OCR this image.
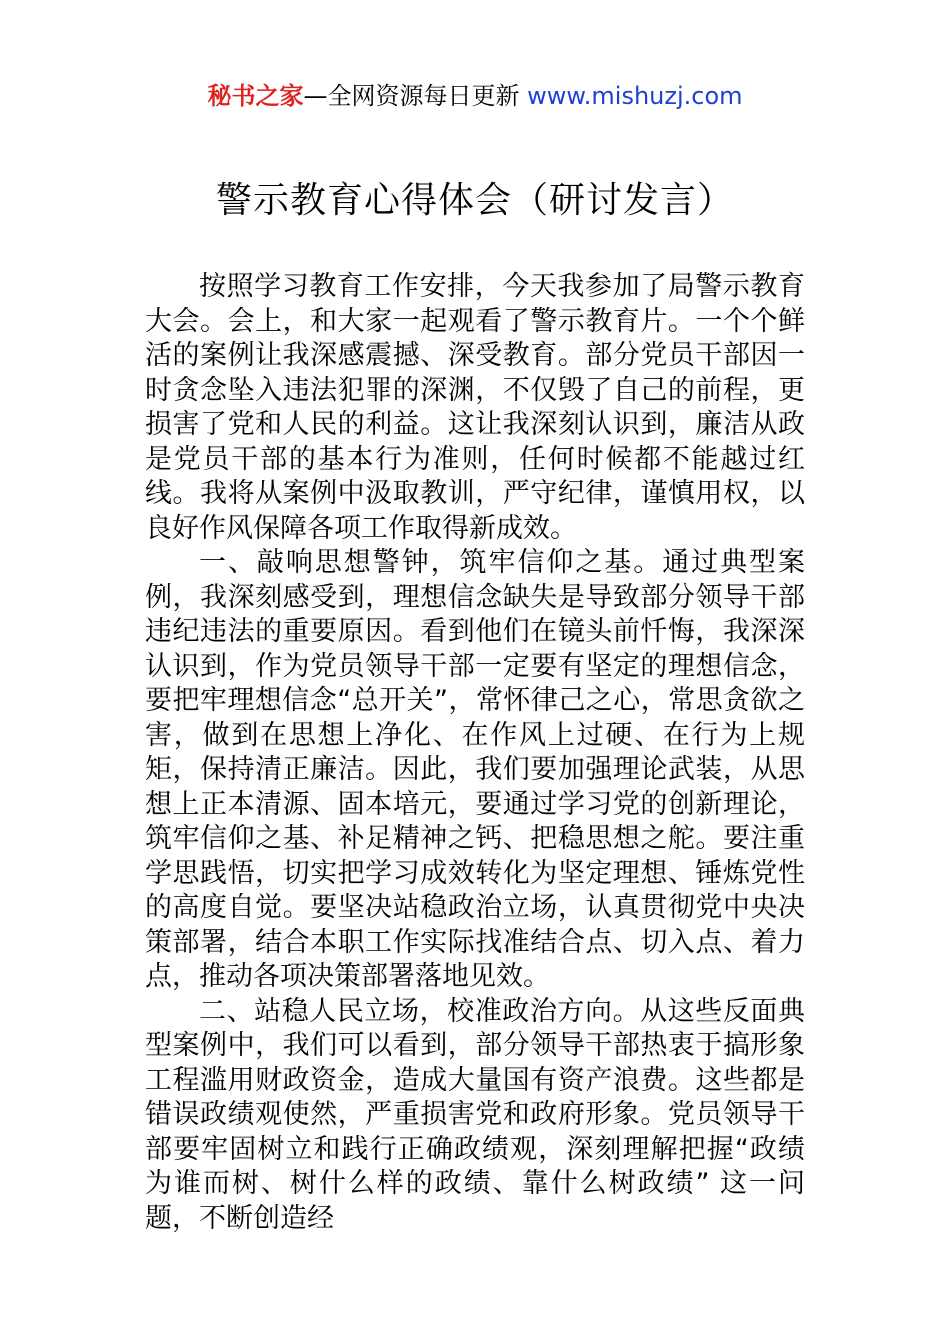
秘书之家—全网资源每日更新 www.mishuzj.com
警示教育心得体会（研讨发言）

按照学习教育工作安排，今天我参加了局警示教育大会。会上，和大家一起观看了警示教育片。一个个鲜活的案例让我深感震撼、深受教育。部分党员干部因一时贪念坠入违法犯罪的深渊，不仅毁了自己的前程，更损害了党和人民的利益。这让我深刻认识到，廉洁从政是党员干部的基本行为准则，任何时候都不能越过红线。我将从案例中汲取教训，严守纪律，谨慎用权，以良好作风保障各项工作取得新成效。

一、敲响思想警钟，筑牢信仰之基。通过典型案例，我深刻感受到，理想信念缺失是导致部分领导干部违纪违法的重要原因。看到他们在镜头前忏悔，我深深认识到，作为党员领导干部一定要有坚定的理想信念，要把牢理想信念“总开关”，常怀律己之心，常思贪欲之害，做到在思想上净化、在作风上过硬、在行为上规矩，保持清正廉洁。因此，我们要加强理论武装，从思想上正本清源、固本培元，要通过学习党的创新理论，筑牢信仰之基、补足精神之钙、把稳思想之舵。要注重学思践悟，切实把学习成效转化为坚定理想、锤炼党性的高度自觉。要坚决站稳政治立场，认真贯彻党中央决策部署，结合本职工作实际找准结合点、切入点、着力点，推动各项决策部署落地见效。

二、站稳人民立场，校准政治方向。从这些反面典型案例中，我们可以看到，部分领导干部热衷于搞形象工程滥用财政资金，造成大量国有资产浪费。这些都是错误政绩观使然，严重损害党和政府形象。党员领导干部要牢固树立和践行正确政绩观，深刻理解把握“政绩为谁而树、树什么样的政绩、靠什么树政绩” 这一问题，不断创造经
